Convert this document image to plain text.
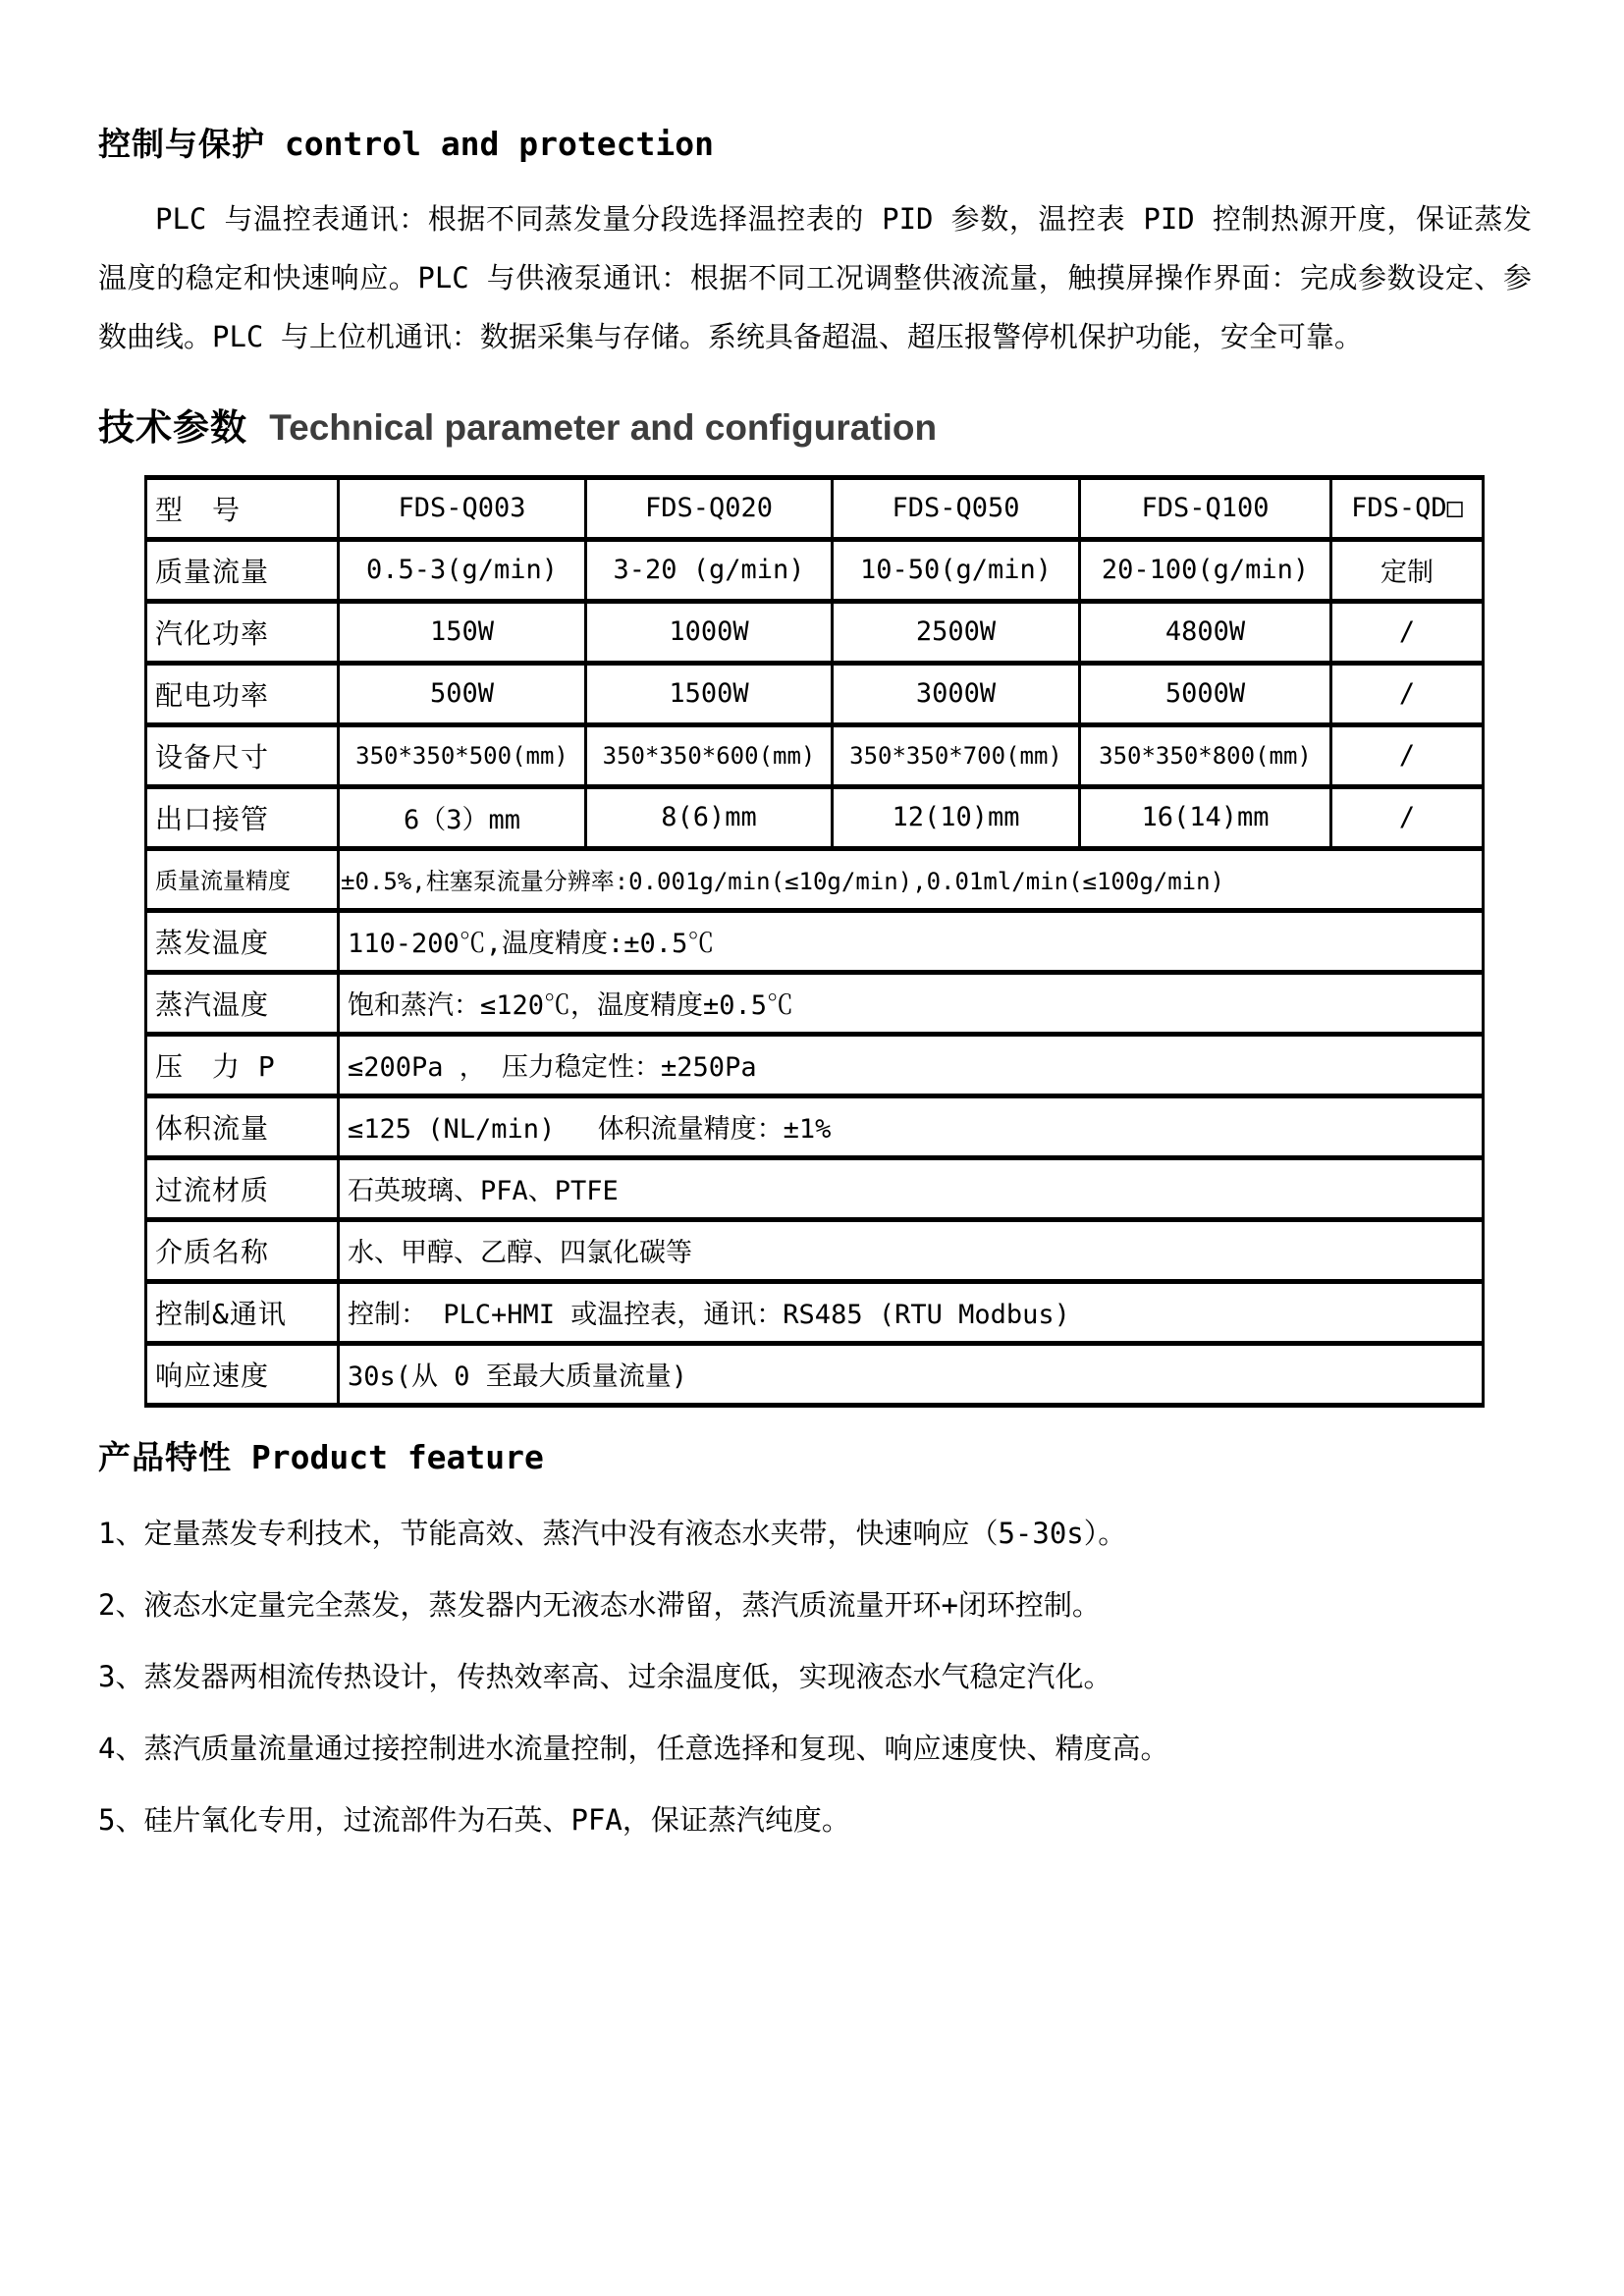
控制与保护 control and protection

PLC 与温控表通讯：根据不同蒸发量分段选择温控表的 PID 参数，温控表 PID 控制热源开度，保证蒸发温度的稳定和快速响应。PLC 与供液泵通讯：根据不同工况调整供液流量，触摸屏操作界面：完成参数设定、参数曲线。PLC 与上位机通讯：数据采集与存储。系统具备超温、超压报警停机保护功能，安全可靠。

技术参数 Technical parameter and configuration
型　号	FDS-Q003	FDS-Q020	FDS-Q050	FDS-Q100	FDS-QD□
质量流量	0.5-3(g/min)	3-20 (g/min)	10-50(g/min)	20-100(g/min)	定制
汽化功率	150W	1000W	2500W	4800W	/
配电功率	500W	1500W	3000W	5000W	/
设备尺寸	350*350*500(mm)	350*350*600(mm)	350*350*700(mm)	350*350*800(mm)	/
出口接管	6（3）mm	8(6)mm	12(10)mm	16(14)mm	/
质量流量精度	±0.5%,柱塞泵流量分辨率:0.001g/min(≤10g/min),0.01ml/min(≤100g/min)				
蒸发温度	110-200℃,温度精度:±0.5℃				
蒸汽温度	饱和蒸汽：≤120℃，温度精度±0.5℃				
压　力 P	≤200Pa ， 压力稳定性：±250Pa				
体积流量	≤125 (NL/min)　 体积流量精度：±1%				
过流材质	石英玻璃、PFA、PTFE				
介质名称	水、甲醇、乙醇、四氯化碳等				
控制&通讯	控制： PLC+HMI 或温控表，通讯：RS485 (RTU Modbus)				
响应速度	30s(从 0 至最大质量流量)				
产品特性 Product feature
1、定量蒸发专利技术，节能高效、蒸汽中没有液态水夹带，快速响应（5-30s）。
2、液态水定量完全蒸发，蒸发器内无液态水滞留，蒸汽质流量开环+闭环控制。
3、蒸发器两相流传热设计，传热效率高、过余温度低，实现液态水气稳定汽化。
4、蒸汽质量流量通过接控制进水流量控制，任意选择和复现、响应速度快、精度高。
5、硅片氧化专用，过流部件为石英、PFA，保证蒸汽纯度。
